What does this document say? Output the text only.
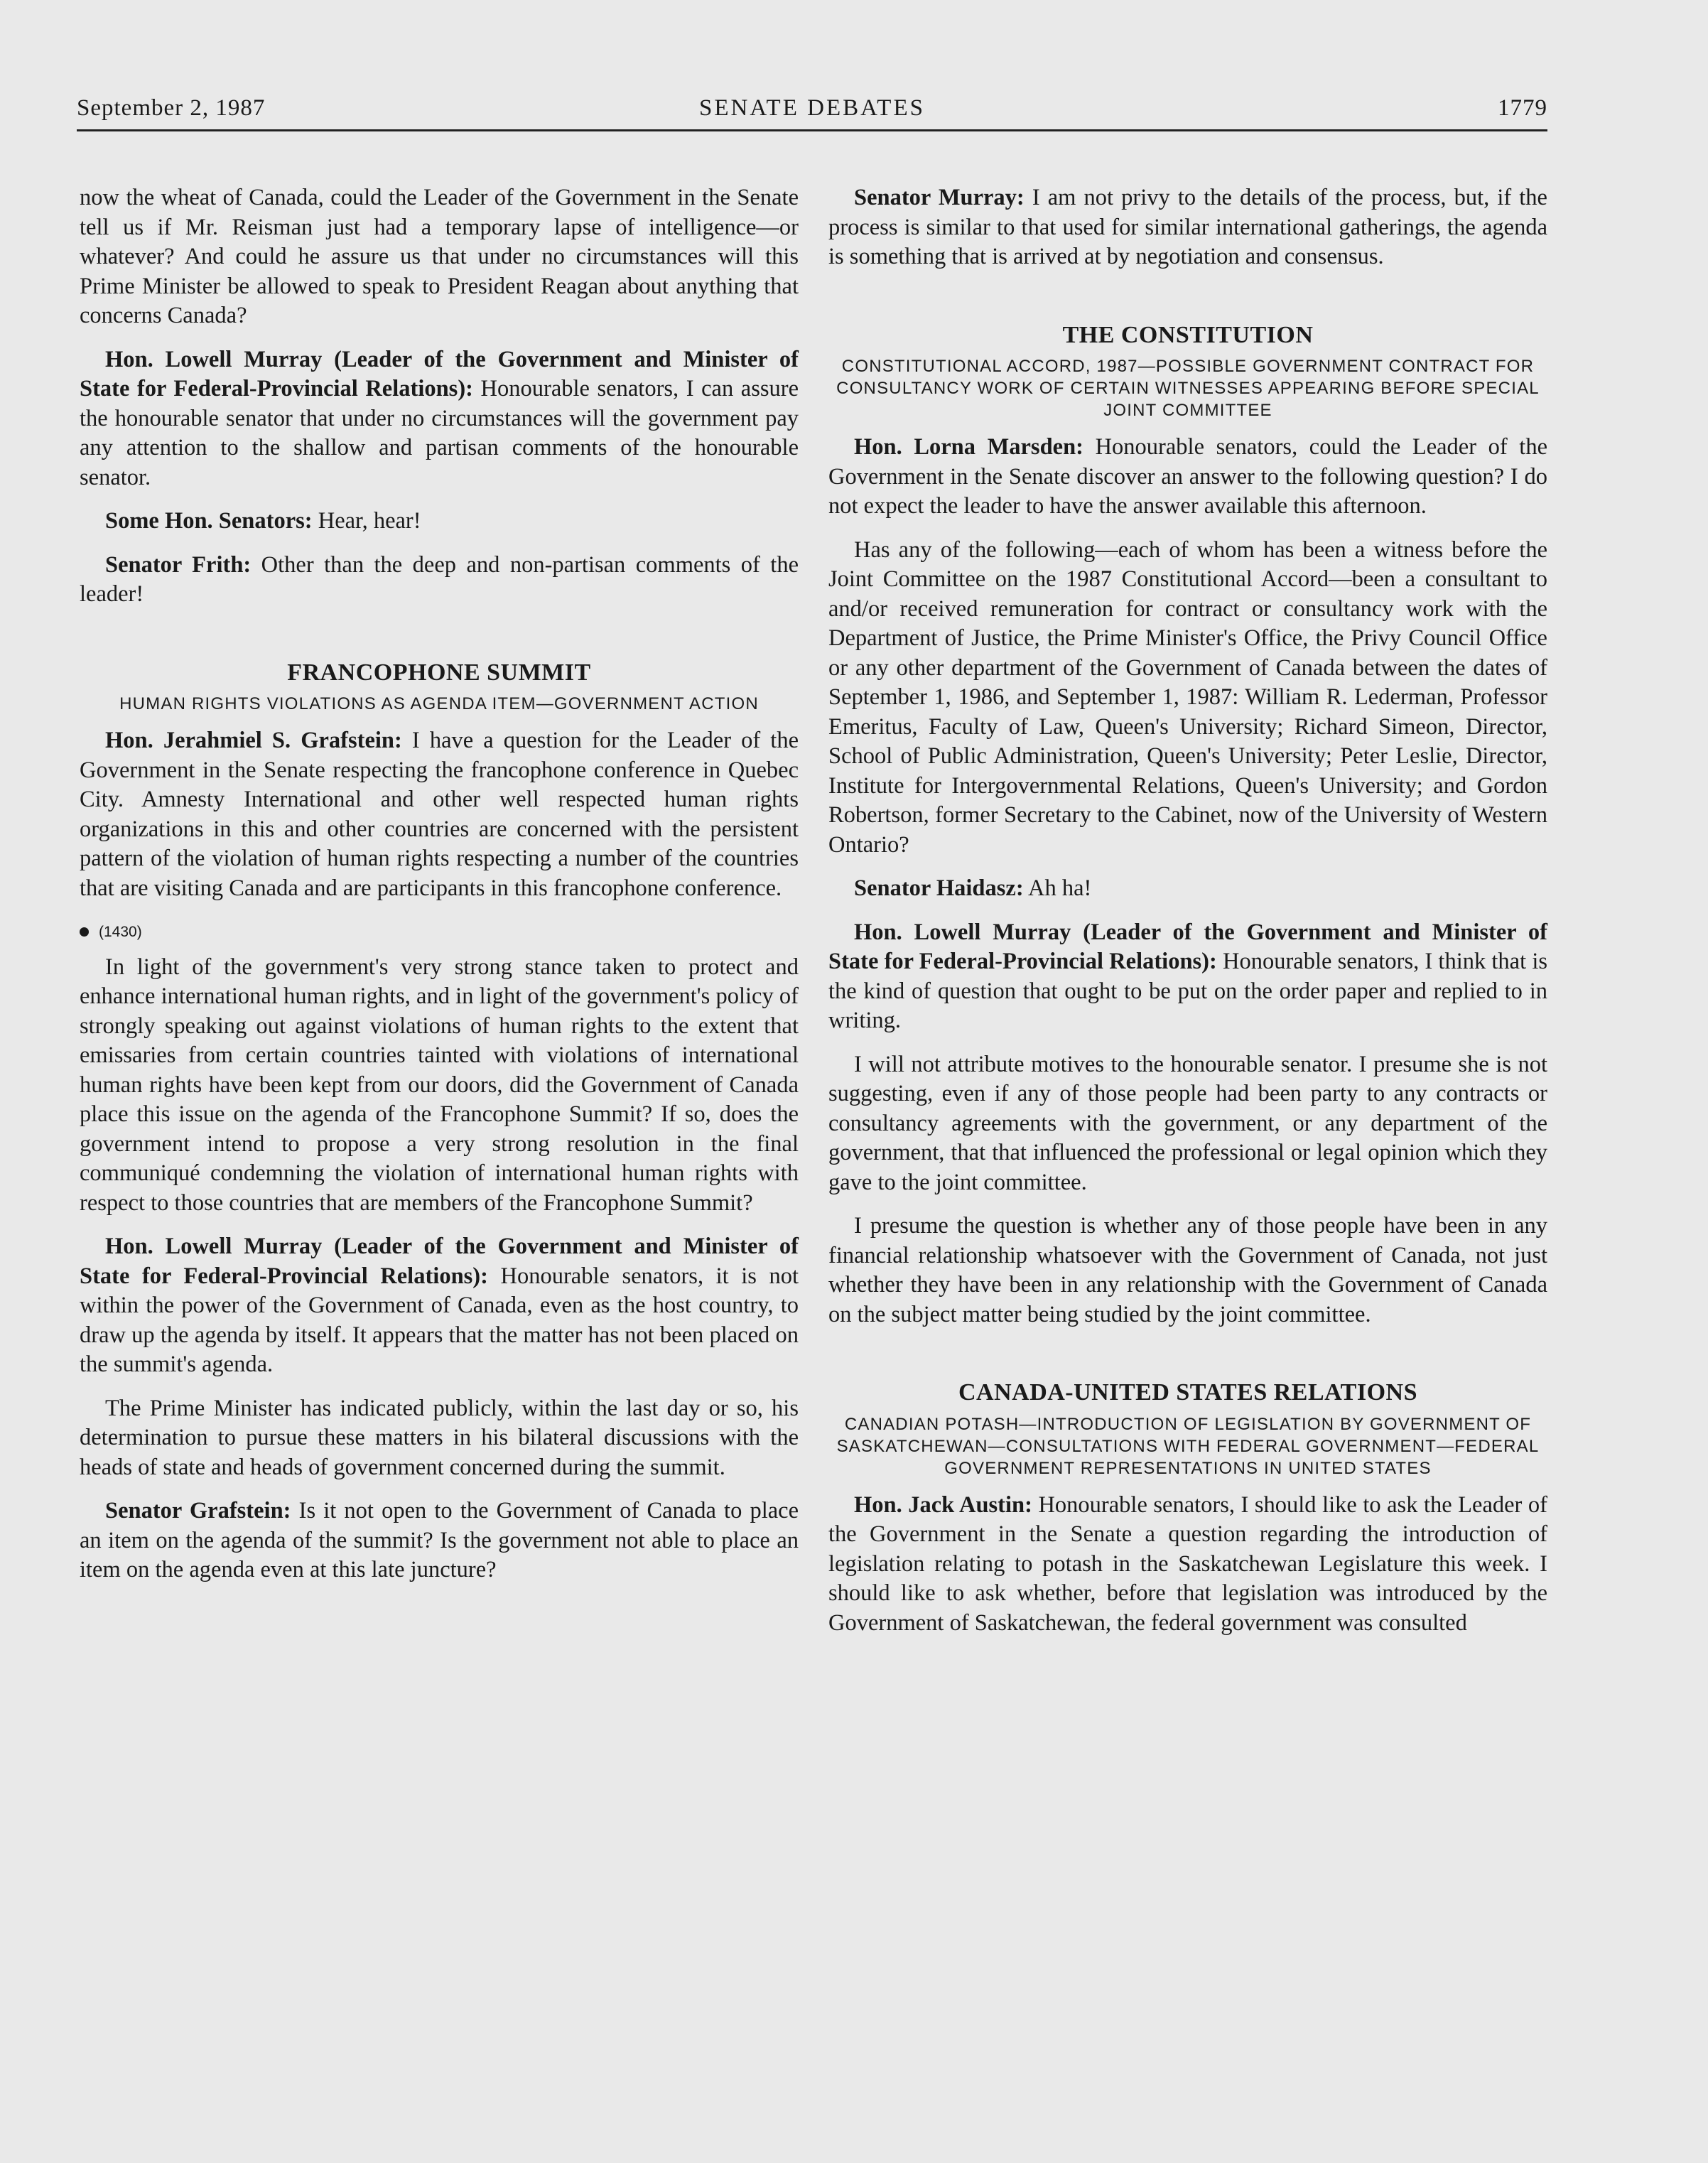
September 2, 1987	SENATE DEBATES	1779

now the wheat of Canada, could the Leader of the Government in the Senate tell us if Mr. Reisman just had a temporary lapse of intelligence—or whatever? And could he assure us that under no circumstances will this Prime Minister be allowed to speak to President Reagan about anything that concerns Canada?

Hon. Lowell Murray (Leader of the Government and Minister of State for Federal-Provincial Relations): Honourable senators, I can assure the honourable senator that under no circumstances will the government pay any attention to the shallow and partisan comments of the honourable senator.

Some Hon. Senators: Hear, hear!

Senator Frith: Other than the deep and non-partisan comments of the leader!

FRANCOPHONE SUMMIT
HUMAN RIGHTS VIOLATIONS AS AGENDA ITEM—GOVERNMENT ACTION

Hon. Jerahmiel S. Grafstein: I have a question for the Leader of the Government in the Senate respecting the francophone conference in Quebec City. Amnesty International and other well respected human rights organizations in this and other countries are concerned with the persistent pattern of the violation of human rights respecting a number of the countries that are visiting Canada and are participants in this francophone conference.

(1430)

In light of the government's very strong stance taken to protect and enhance international human rights, and in light of the government's policy of strongly speaking out against violations of human rights to the extent that emissaries from certain countries tainted with violations of international human rights have been kept from our doors, did the Government of Canada place this issue on the agenda of the Francophone Summit? If so, does the government intend to propose a very strong resolution in the final communiqué condemning the violation of international human rights with respect to those countries that are members of the Francophone Summit?

Hon. Lowell Murray (Leader of the Government and Minister of State for Federal-Provincial Relations): Honourable senators, it is not within the power of the Government of Canada, even as the host country, to draw up the agenda by itself. It appears that the matter has not been placed on the summit's agenda.

The Prime Minister has indicated publicly, within the last day or so, his determination to pursue these matters in his bilateral discussions with the heads of state and heads of government concerned during the summit.

Senator Grafstein: Is it not open to the Government of Canada to place an item on the agenda of the summit? Is the government not able to place an item on the agenda even at this late juncture?

Senator Murray: I am not privy to the details of the process, but, if the process is similar to that used for similar international gatherings, the agenda is something that is arrived at by negotiation and consensus.

THE CONSTITUTION
CONSTITUTIONAL ACCORD, 1987—POSSIBLE GOVERNMENT CONTRACT FOR CONSULTANCY WORK OF CERTAIN WITNESSES APPEARING BEFORE SPECIAL JOINT COMMITTEE

Hon. Lorna Marsden: Honourable senators, could the Leader of the Government in the Senate discover an answer to the following question? I do not expect the leader to have the answer available this afternoon.

Has any of the following—each of whom has been a witness before the Joint Committee on the 1987 Constitutional Accord—been a consultant to and/or received remuneration for contract or consultancy work with the Department of Justice, the Prime Minister's Office, the Privy Council Office or any other department of the Government of Canada between the dates of September 1, 1986, and September 1, 1987: William R. Lederman, Professor Emeritus, Faculty of Law, Queen's University; Richard Simeon, Director, School of Public Administration, Queen's University; Peter Leslie, Director, Institute for Intergovernmental Relations, Queen's University; and Gordon Robertson, former Secretary to the Cabinet, now of the University of Western Ontario?

Senator Haidasz: Ah ha!

Hon. Lowell Murray (Leader of the Government and Minister of State for Federal-Provincial Relations): Honourable senators, I think that is the kind of question that ought to be put on the order paper and replied to in writing.

I will not attribute motives to the honourable senator. I presume she is not suggesting, even if any of those people had been party to any contracts or consultancy agreements with the government, or any department of the government, that that influenced the professional or legal opinion which they gave to the joint committee.

I presume the question is whether any of those people have been in any financial relationship whatsoever with the Government of Canada, not just whether they have been in any relationship with the Government of Canada on the subject matter being studied by the joint committee.

CANADA-UNITED STATES RELATIONS
CANADIAN POTASH—INTRODUCTION OF LEGISLATION BY GOVERNMENT OF SASKATCHEWAN—CONSULTATIONS WITH FEDERAL GOVERNMENT—FEDERAL GOVERNMENT REPRESENTATIONS IN UNITED STATES

Hon. Jack Austin: Honourable senators, I should like to ask the Leader of the Government in the Senate a question regarding the introduction of legislation relating to potash in the Saskatchewan Legislature this week. I should like to ask whether, before that legislation was introduced by the Government of Saskatchewan, the federal government was consulted
